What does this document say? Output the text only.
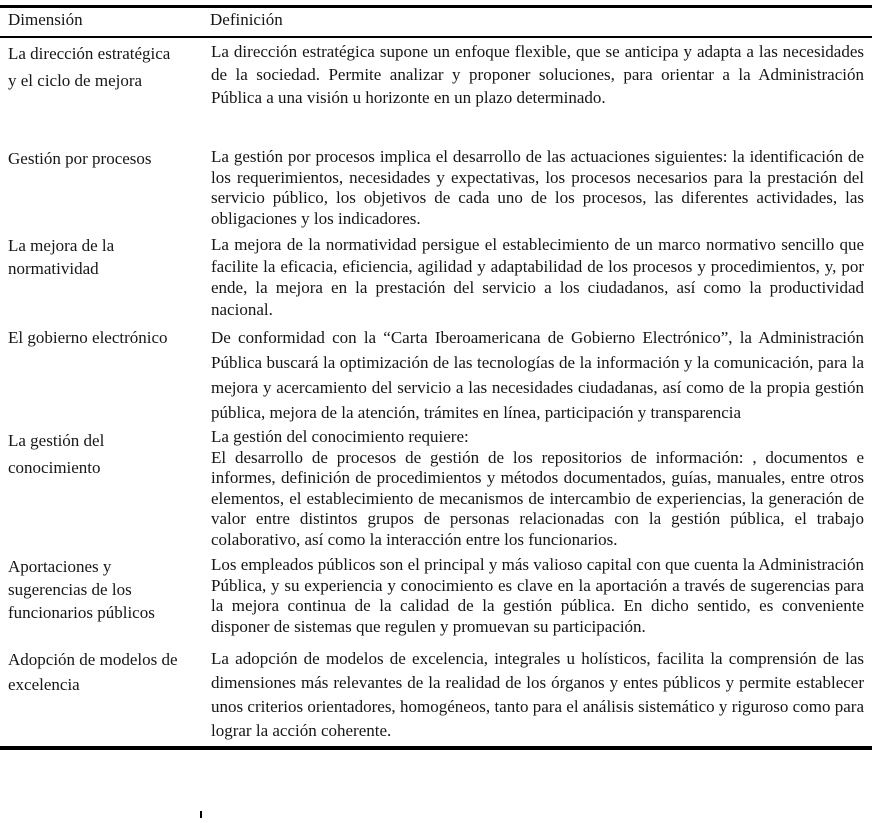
Dimensión	Definición
La dirección estratégica y el ciclo de mejora	La dirección estratégica supone un enfoque flexible, que se anticipa y adapta a las necesidades de la sociedad. Permite analizar y proponer soluciones, para orientar a la Administración Pública a una visión u horizonte en un plazo determinado.

Gestión por procesos	La gestión por procesos implica el desarrollo de las actuaciones siguientes: la identificación de los requerimientos, necesidades y expectativas, los procesos necesarios para la prestación del servicio público, los objetivos de cada uno de los procesos, las diferentes actividades, las obligaciones y los indicadores.

La mejora de la normatividad	La mejora de la normatividad persigue el establecimiento de un marco normativo sencillo que facilite la eficacia, eficiencia, agilidad y adaptabilidad de los procesos y procedimientos, y, por ende, la mejora en la prestación del servicio a los ciudadanos, así como la productividad nacional.

El gobierno electrónico	De conformidad con la “Carta Iberoamericana de Gobierno Electrónico”, la Administración Pública buscará la optimización de las tecnologías de la información y la comunicación, para la mejora y acercamiento del servicio a las necesidades ciudadanas, así como de la propia gestión pública, mejora de la atención, trámites en línea, participación y transparencia

La gestión del conocimiento	La gestión del conocimiento requiere:

El desarrollo de procesos de gestión de los repositorios de información: , documentos e informes, definición de procedimientos y métodos documentados, guías, manuales, entre otros elementos, el establecimiento de mecanismos de intercambio de experiencias, la generación de valor entre distintos grupos de personas relacionadas con la gestión pública, el trabajo colaborativo, así como la interacción entre los funcionarios.

Aportaciones y sugerencias de los funcionarios públicos	Los empleados públicos son el principal y más valioso capital con que cuenta la Administración Pública, y su experiencia y conocimiento es clave en la aportación a través de sugerencias para la mejora continua de la calidad de la gestión pública. En dicho sentido, es conveniente disponer de sistemas que regulen y promuevan su participación.

Adopción de modelos de excelencia	La adopción de modelos de excelencia, integrales u holísticos, facilita la comprensión de las dimensiones más relevantes de la realidad de los órganos y entes públicos y permite establecer unos criterios orientadores, homogéneos, tanto para el análisis sistemático y riguroso como para lograr la acción coherente.
